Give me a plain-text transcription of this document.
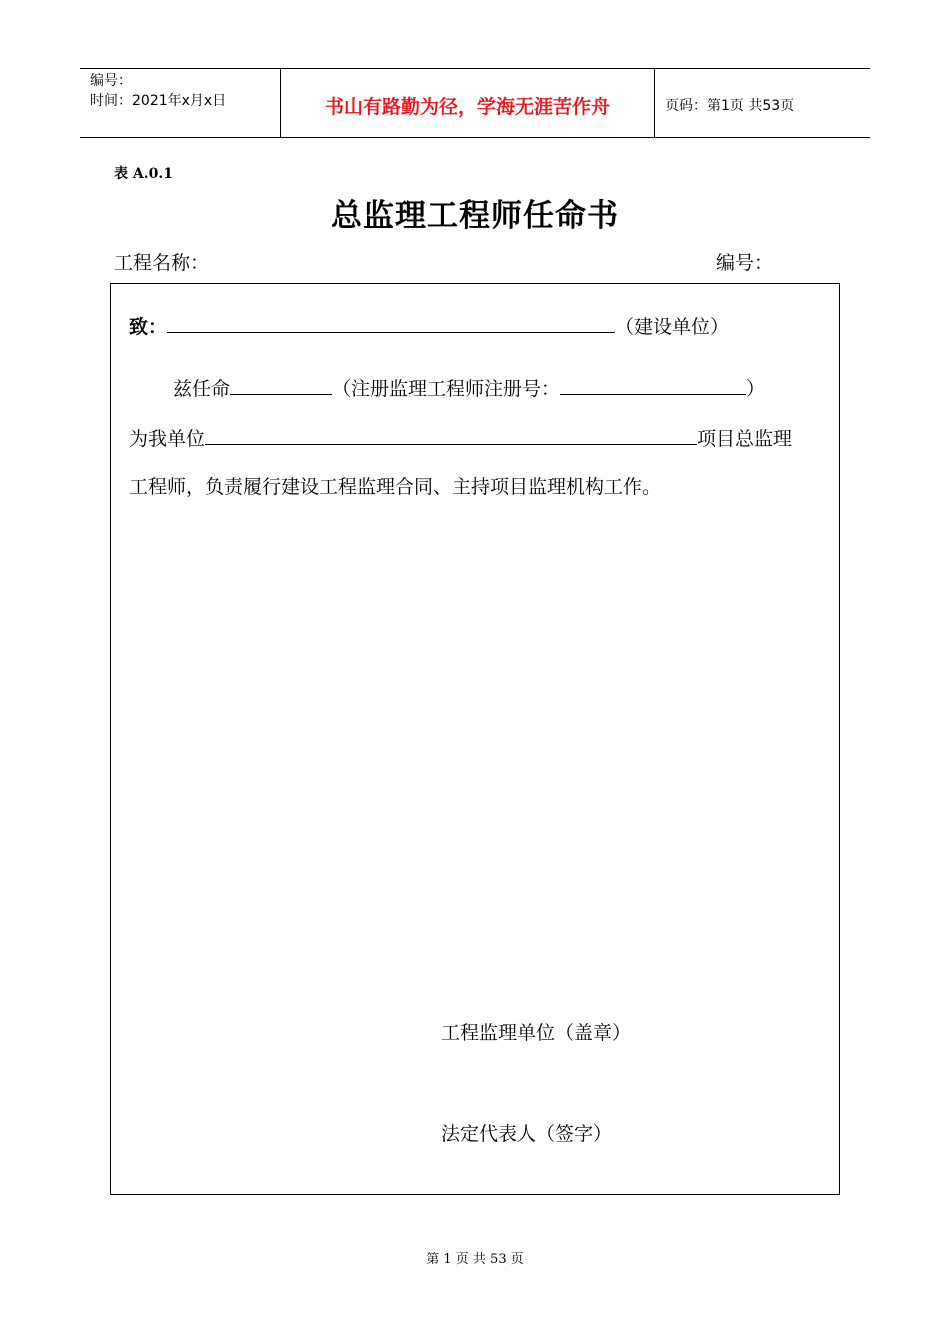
编号：
时间：2021年x月x日	书山有路勤为径，学海无涯苦作舟	页码：第1页 共53页
表 A.0.1
总监理工程师任命书
工程名称：	编号：
致：	（建设单位）
兹任命	（注册监理工程师注册号：	）
为我单位	项目总监理
工程师，负责履行建设工程监理合同、主持项目监理机构工作。
工程监理单位（盖章）
法定代表人（签字）
第 1 页 共 53 页
